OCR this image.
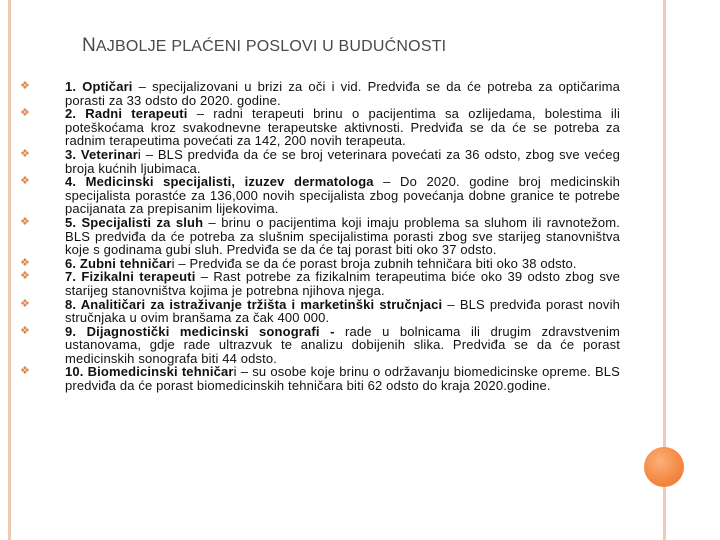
NAJBOLJE PLAĆENI POSLOVI U BUDUĆNOSTI
❖	1. Optičari – specijalizovani u brizi za oči i vid. Predviđa se da će potreba za optičarima porasti za 33 odsto do 2020. godine.
❖	2. Radni terapeuti – radni terapeuti brinu o pacijentima sa ozlijedama, bolestima ili poteškoćama kroz svakodnevne terapeutske aktivnosti. Predviđa se da će se potreba za radnim terapeutima povećati za 142, 200 novih terapeuta.
❖	3. Veterinari – BLS predviđa da će se broj veterinara povećati za 36 odsto, zbog sve većeg broja kućnih ljubimaca.
❖	4. Medicinski specijalisti, izuzev dermatologa – Do 2020. godine broj medicinskih specijalista porastće za 136,000 novih specijalista zbog povećanja dobne granice te potrebe pacijanata za prepisanim lijekovima.
❖	5. Specijalisti za sluh – brinu o pacijentima koji imaju problema sa sluhom ili ravnotežom. BLS predviđa da će potreba za slušnim specijalistima porasti zbog sve starijeg stanovništva koje s godinama gubi sluh. Predviđa se da će taj porast biti oko 37 odsto.
❖	6. Zubni tehničari – Predviđa se da će porast broja zubnih tehničara biti oko 38 odsto.
❖	7. Fizikalni terapeuti – Rast potrebe za fizikalnim terapeutima biće oko 39 odsto zbog sve starijeg stanovništva kojima je potrebna njihova njega.
❖	8. Analitičari za istraživanje tržišta i marketinški stručnjaci – BLS predviđa porast novih stručnjaka u ovim branšama za čak 400 000.
❖	9. Dijagnostički medicinski sonografi - rade u bolnicama ili drugim zdravstvenim ustanovama, gdje rade ultrazvuk te analizu dobijenih slika. Predviđa se da će porast medicinskih sonografa biti 44 odsto.
❖	10. Biomedicinski tehničari – su osobe koje brinu o održavanju biomedicinske opreme. BLS predviđa da će porast biomedicinskih tehničara biti 62 odsto do kraja 2020.godine.
